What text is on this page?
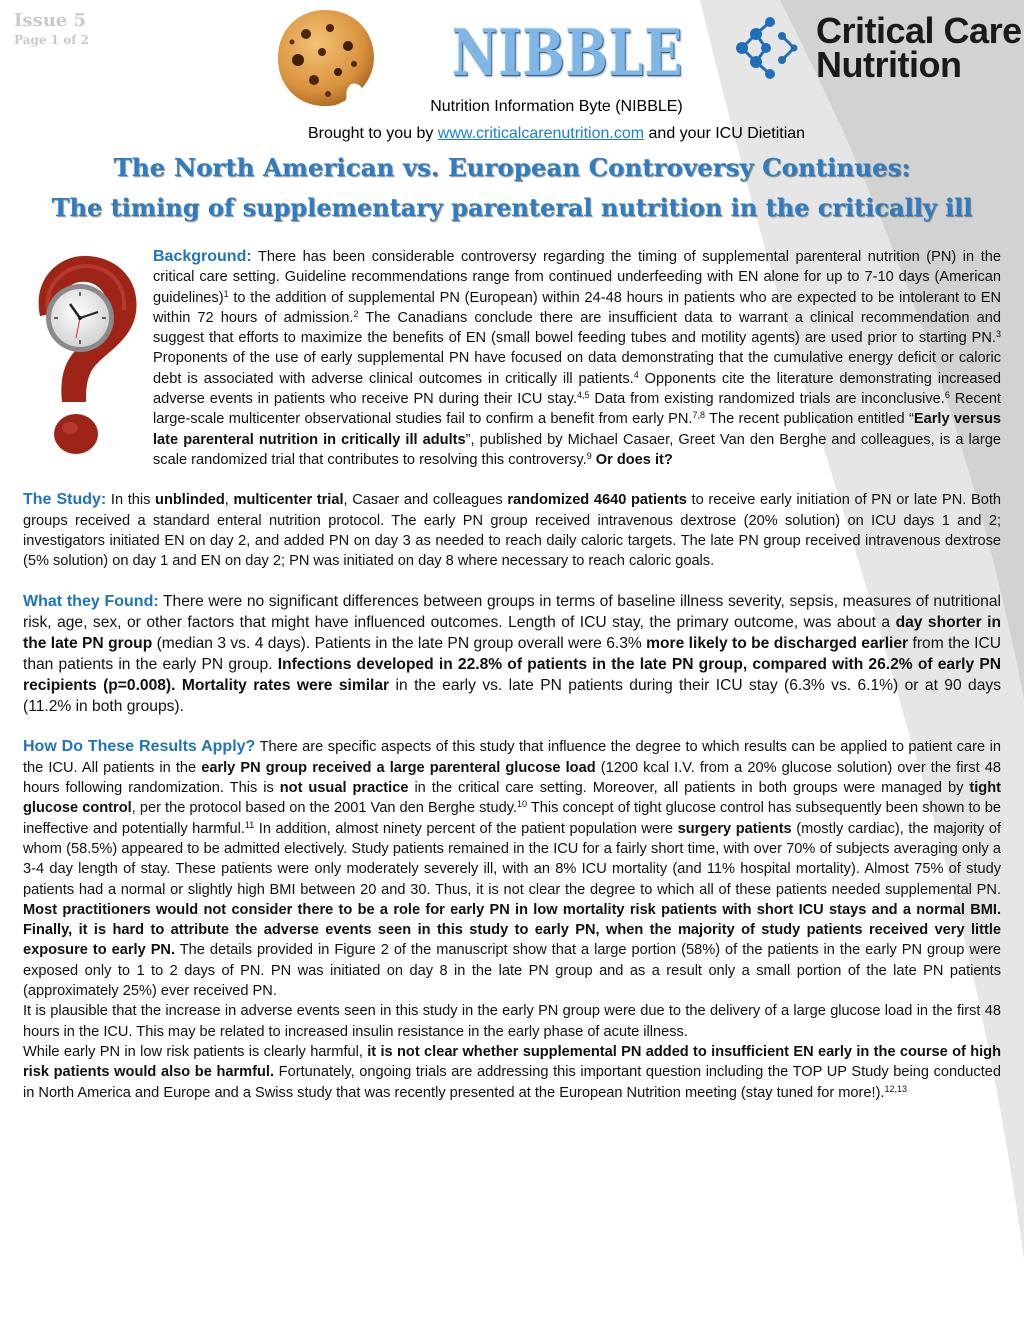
Issue 5
Page 1 of 2	NIBBLE	Critical Care
Nutrition
Nutrition Information Byte (NIBBLE)
Brought to you by www.criticalcarenutrition.com and your ICU Dietitian
The North American vs. European Controversy Continues:
The timing of supplementary parenteral nutrition in the critically ill

Background: There has been considerable controversy regarding the timing of supplemental parenteral nutrition (PN) in the critical care setting. Guideline recommendations range from continued underfeeding with EN alone for up to 7-10 days (American guidelines)$^1$ to the addition of supplemental PN (European) within 24-48 hours in patients who are expected to be intolerant to EN within 72 hours of admission.$^2$ The Canadians conclude there are insufficient data to warrant a clinical recommendation and suggest that efforts to maximize the benefits of EN (small bowel feeding tubes and motility agents) are used prior to starting PN.$^3$ Proponents of the use of early supplemental PN have focused on data demonstrating that the cumulative energy deficit or caloric debt is associated with adverse clinical outcomes in critically ill patients.$^4$ Opponents cite the literature demonstrating increased adverse events in patients who receive PN during their ICU stay.$^{4,5}$ Data from existing randomized trials are inconclusive.$^6$ Recent large-scale multicenter observational studies fail to confirm a benefit from early PN.$^{7,8}$ The recent publication entitled “Early versus late parenteral nutrition in critically ill adults”, published by Michael Casaer, Greet Van den Berghe and colleagues, is a large scale randomized trial that contributes to resolving this controversy.$^9$ Or does it?

The Study: In this unblinded, multicenter trial, Casaer and colleagues randomized 4640 patients to receive early initiation of PN or late PN. Both groups received a standard enteral nutrition protocol. The early PN group received intravenous dextrose (20% solution) on ICU days 1 and 2; investigators initiated EN on day 2, and added PN on day 3 as needed to reach daily caloric targets. The late PN group received intravenous dextrose (5% solution) on day 1 and EN on day 2; PN was initiated on day 8 where necessary to reach caloric goals.

What they Found: There were no significant differences between groups in terms of baseline illness severity, sepsis, measures of nutritional risk, age, sex, or other factors that might have influenced outcomes. Length of ICU stay, the primary outcome, was about a day shorter in the late PN group (median 3 vs. 4 days). Patients in the late PN group overall were 6.3% more likely to be discharged earlier from the ICU than patients in the early PN group. Infections developed in 22.8% of patients in the late PN group, compared with 26.2% of early PN recipients (p=0.008). Mortality rates were similar in the early vs. late PN patients during their ICU stay (6.3% vs. 6.1%) or at 90 days (11.2% in both groups).

How Do These Results Apply? There are specific aspects of this study that influence the degree to which results can be applied to patient care in the ICU. All patients in the early PN group received a large parenteral glucose load (1200 kcal I.V. from a 20% glucose solution) over the first 48 hours following randomization. This is not usual practice in the critical care setting. Moreover, all patients in both groups were managed by tight glucose control, per the protocol based on the 2001 Van den Berghe study.$^{10}$ This concept of tight glucose control has subsequently been shown to be ineffective and potentially harmful.$^{11}$ In addition, almost ninety percent of the patient population were surgery patients (mostly cardiac), the majority of whom (58.5%) appeared to be admitted electively. Study patients remained in the ICU for a fairly short time, with over 70% of subjects averaging only a 3-4 day length of stay. These patients were only moderately severely ill, with an 8% ICU mortality (and 11% hospital mortality). Almost 75% of study patients had a normal or slightly high BMI between 20 and 30. Thus, it is not clear the degree to which all of these patients needed supplemental PN. Most practitioners would not consider there to be a role for early PN in low mortality risk patients with short ICU stays and a normal BMI. Finally, it is hard to attribute the adverse events seen in this study to early PN, when the majority of study patients received very little exposure to early PN. The details provided in Figure 2 of the manuscript show that a large portion (58%) of the patients in the early PN group were exposed only to 1 to 2 days of PN. PN was initiated on day 8 in the late PN group and as a result only a small portion of the late PN patients (approximately 25%) ever received PN.

It is plausible that the increase in adverse events seen in this study in the early PN group were due to the delivery of a large glucose load in the first 48 hours in the ICU. This may be related to increased insulin resistance in the early phase of acute illness.

While early PN in low risk patients is clearly harmful, it is not clear whether supplemental PN added to insufficient EN early in the course of high risk patients would also be harmful. Fortunately, ongoing trials are addressing this important question including the TOP UP Study being conducted in North America and Europe and a Swiss study that was recently presented at the European Nutrition meeting (stay tuned for more!).$^{12,13}$
